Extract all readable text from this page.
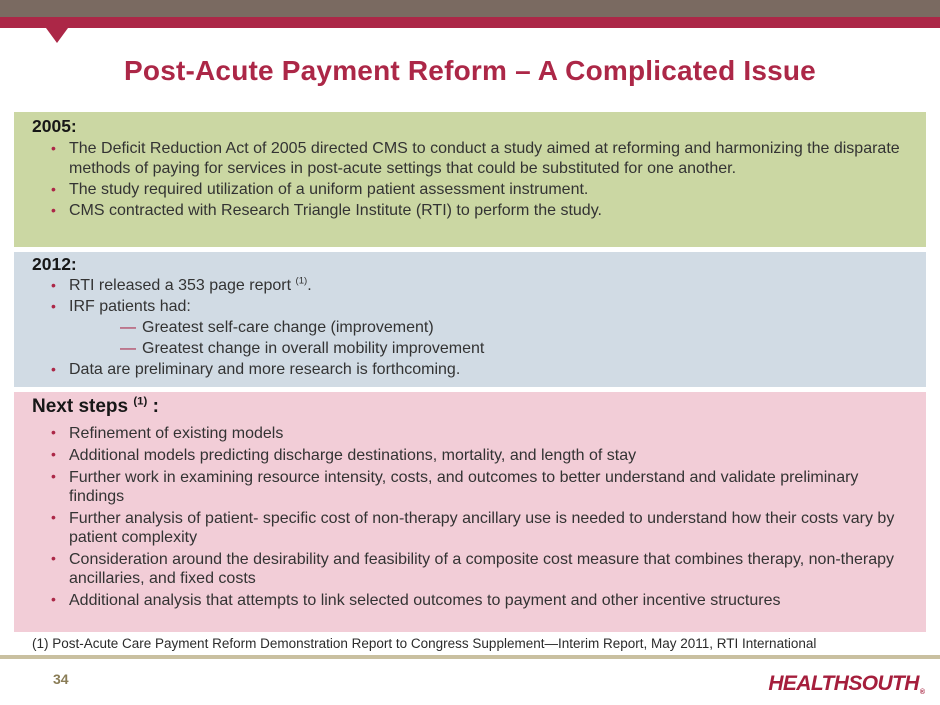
Post-Acute Payment Reform – A Complicated Issue
2005:
• The Deficit Reduction Act of 2005 directed CMS to conduct a study aimed at reforming and harmonizing the disparate methods of paying for services in post-acute settings that could be substituted for one another.
• The study required utilization of a uniform patient assessment instrument.
• CMS contracted with Research Triangle Institute (RTI) to perform the study.
2012:
• RTI released a 353 page report $^{(1)}$.
• IRF patients had:
— Greatest self-care change (improvement)
— Greatest change in overall mobility improvement
• Data are preliminary and more research is forthcoming.
Next steps $^{(1)}$ :
• Refinement of existing models
• Additional models predicting discharge destinations, mortality, and length of stay
• Further work in examining resource intensity, costs, and outcomes to better understand and validate preliminary findings
• Further analysis of patient- specific cost of non-therapy ancillary use is needed to understand how their costs vary by patient complexity
• Consideration around the desirability and feasibility of a composite cost measure that combines therapy, non-therapy ancillaries, and fixed costs
• Additional analysis that attempts to link selected outcomes to payment and other incentive structures
(1) Post-Acute Care Payment Reform Demonstration Report to Congress Supplement—Interim Report, May 2011, RTI International
34	HEALTHSOUTH®
